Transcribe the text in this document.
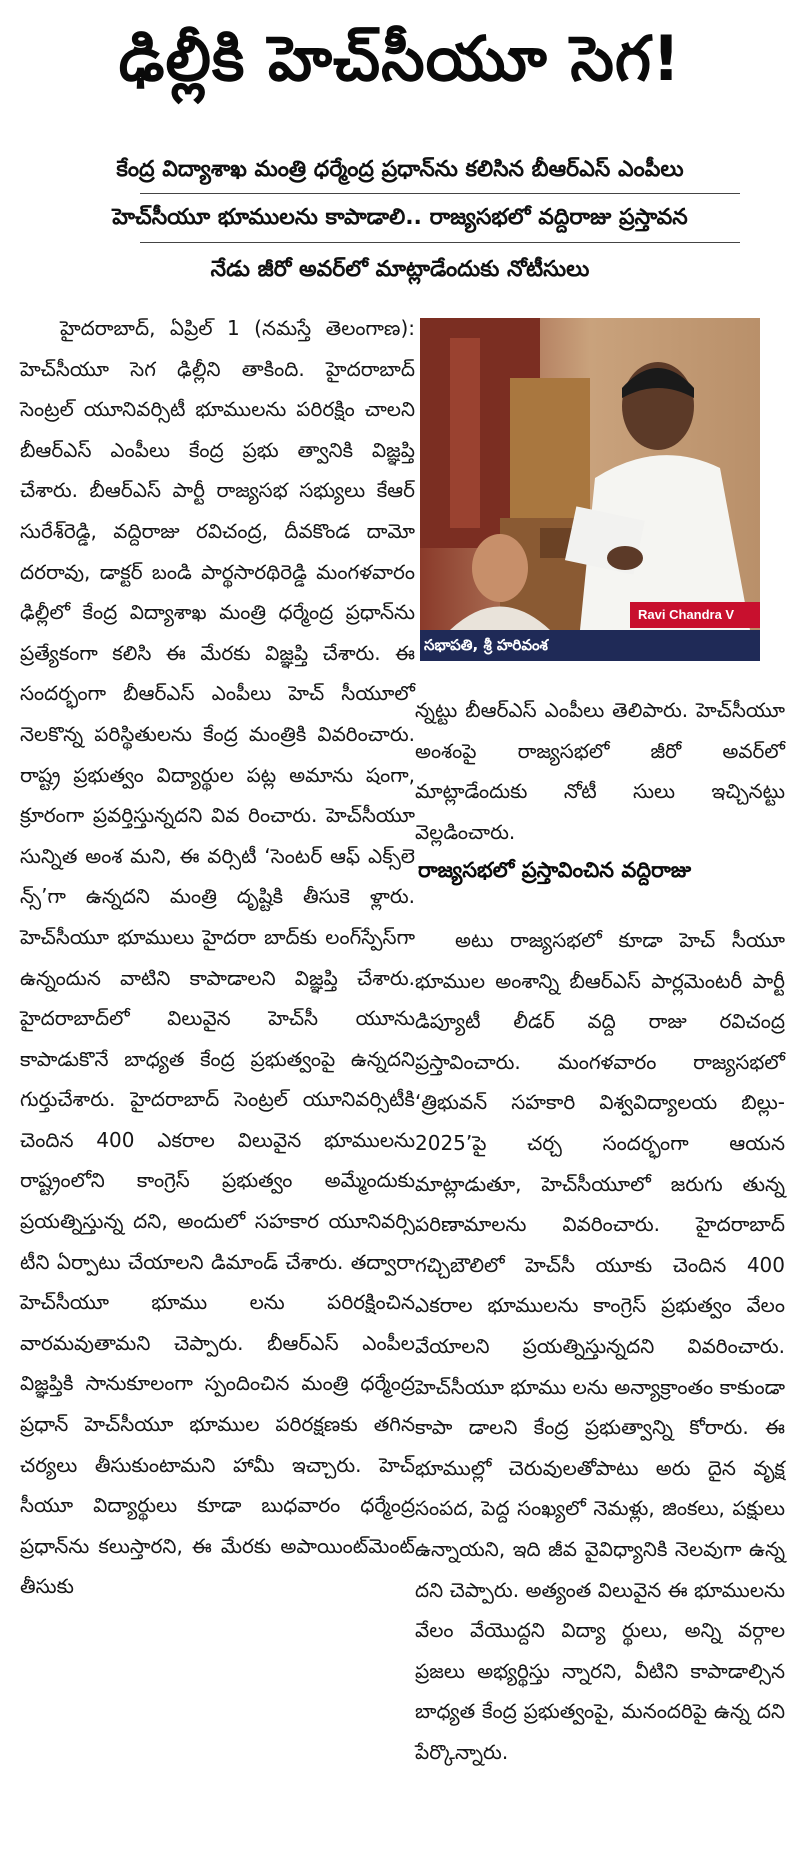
ఢిల్లీకి హెచ్‌సీయూ సెగ!
కేంద్ర విద్యాశాఖ మంత్రి ధర్మేంద్ర ప్రధాన్‌ను కలిసిన బీఆర్‌ఎస్‌ ఎంపీలు
హెచ్‌సీయూ భూములను కాపాడాలి.. రాజ్యసభలో వద్దిరాజు ప్రస్తావన
నేడు జీరో అవర్‌లో మాట్లాడేందుకు నోటీసులు

హైదరాబాద్‌, ఏప్రిల్‌ 1 (నమస్తే తెలంగాణ): హెచ్‌సీయూ సెగ ఢిల్లీని తాకింది. హైదరాబాద్‌ సెంట్రల్‌ యూనివర్సిటీ భూములను పరిరక్షిం చాలని బీఆర్‌ఎస్‌ ఎంపీలు కేంద్ర ప్రభు త్వానికి విజ్ఞప్తి చేశారు. బీఆర్‌ఎస్‌ పార్టీ రాజ్యసభ సభ్యులు కేఆర్‌ సురేశ్‌రెడ్డి, వద్దిరాజు రవిచంద్ర, దీవకొండ దామో దరరావు, డాక్టర్‌ బండి పార్థసారథిరెడ్డి మంగళవారం ఢిల్లీలో కేంద్ర విద్యాశాఖ మంత్రి ధర్మేంద్ర ప్రధాన్‌ను ప్రత్యేకంగా కలిసి ఈ మేరకు విజ్ఞప్తి చేశారు. ఈ సందర్భంగా బీఆర్‌ఎస్‌ ఎంపీలు హెచ్‌ సీయూలో నెలకొన్న పరిస్థితులను కేంద్ర మంత్రికి వివరించారు. రాష్ట్ర ప్రభుత్వం విద్యార్థుల పట్ల అమాను షంగా, క్రూరంగా ప్రవర్తిస్తున్నదని వివ రించారు. హెచ్‌సీయూ సున్నిత అంశ మని, ఈ వర్సిటీ ‘సెంటర్‌ ఆఫ్‌ ఎక్స్‌లె న్స్‌’గా ఉన్నదని మంత్రి దృష్టికి తీసుకె ళ్లారు. హెచ్‌సీయూ భూములు హైదరా బాద్‌కు లంగ్‌స్పేస్‌గా ఉన్నందున వాటిని కాపాడాలని విజ్ఞప్తి చేశారు. హైదరాబాద్‌లో విలువైన హెచ్‌సీ యూను కాపాడుకొనే బాధ్యత కేంద్ర ప్రభుత్వంపై ఉన్నదని గుర్తుచేశారు. హైదరాబాద్‌ సెంట్రల్‌ యూనివర్సిటీకి చెందిన 400 ఎకరాల విలువైన భూములను రాష్ట్రంలోని కాంగ్రెస్‌ ప్రభుత్వం అమ్మేందుకు ప్రయత్నిస్తున్న దని, అందులో సహకార యూనివర్సి టీని ఏర్పాటు చేయాలని డిమాండ్‌ చేశారు. తద్వారా హెచ్‌సీయూ భూము లను పరిరక్షించిన వారమవుతామని చెప్పారు. బీఆర్‌ఎస్‌ ఎంపీల విజ్ఞప్తికి సానుకూలంగా స్పందించిన మంత్రి ధర్మేంద్ర ప్రధాన్‌ హెచ్‌సీయూ భూముల పరిరక్షణకు తగిన చర్యలు తీసుకుంటామని హామీ ఇచ్చారు. హెచ్‌ సీయూ విద్యార్థులు కూడా బుధవారం ధర్మేంద్ర ప్రధాన్‌ను కలుస్తారని, ఈ మేరకు అపాయింట్‌మెంట్‌ తీసుకు

Ravi Chandra V
సభాపతి, శ్రీ హరివంశ

న్నట్టు బీఆర్‌ఎస్‌ ఎంపీలు తెలిపారు. హెచ్‌సీయూ అంశంపై రాజ్యసభలో జీరో అవర్‌లో మాట్లాడేందుకు నోటీ సులు ఇచ్చినట్టు వెల్లడించారు.

రాజ్యసభలో ప్రస్తావించిన వద్దిరాజు

అటు రాజ్యసభలో కూడా హెచ్‌ సీయూ భూముల అంశాన్ని బీఆర్‌ఎస్‌ పార్లమెంటరీ పార్టీ డిప్యూటీ లీడర్‌ వద్ది రాజు రవిచంద్ర ప్రస్తావించారు. మంగళవారం రాజ్యసభలో ‘త్రిభువన్‌ సహకారి విశ్వవిద్యాలయ బిల్లు- 2025’పై చర్చ సందర్భంగా ఆయన మాట్లాడుతూ, హెచ్‌సీయూలో జరుగు తున్న పరిణామాలను వివరించారు. హైదరాబాద్‌ గచ్చిబౌలిలో హెచ్‌సీ యూకు చెందిన 400 ఎకరాల భూములను కాంగ్రెస్‌ ప్రభుత్వం వేలం వేయాలని ప్రయత్నిస్తున్నదని వివరించారు. హెచ్‌సీయూ భూము లను అన్యాక్రాంతం కాకుండా కాపా డాలని కేంద్ర ప్రభుత్వాన్ని కోరారు. ఈ భూముల్లో చెరువులతోపాటు అరు దైన వృక్ష సంపద, పెద్ద సంఖ్యలో నెమళ్లు, జింకలు, పక్షులు ఉన్నాయని, ఇది జీవ వైవిధ్యానికి నెలవుగా ఉన్న దని చెప్పారు. అత్యంత విలువైన ఈ భూములను వేలం వేయొద్దని విద్యా ర్థులు, అన్ని వర్గాల ప్రజలు అభ్యర్థిస్తు న్నారని, వీటిని కాపాడాల్సిన బాధ్యత కేంద్ర ప్రభుత్వంపై, మనందరిపై ఉన్న దని పేర్కొన్నారు.
